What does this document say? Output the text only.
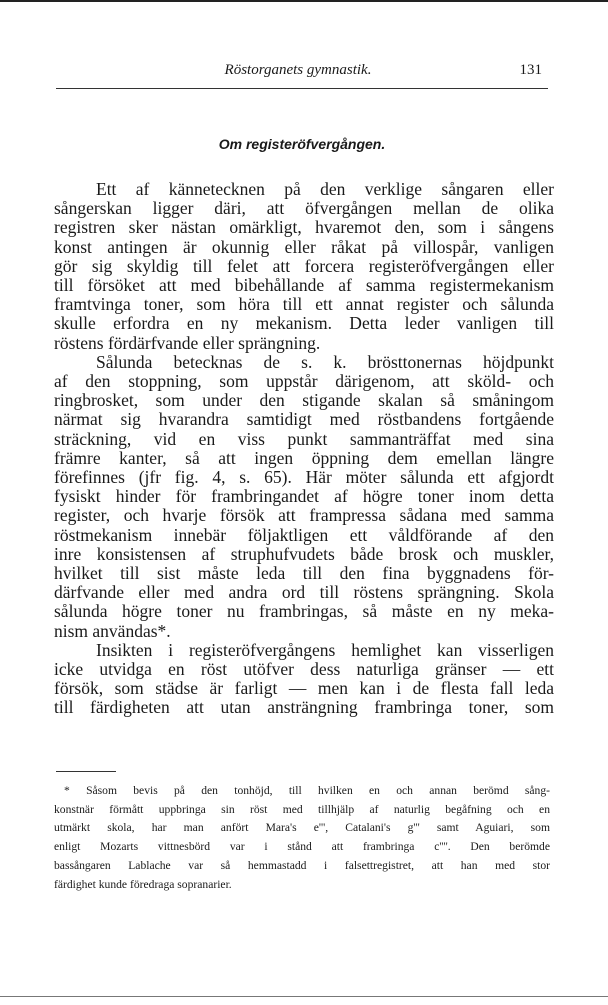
Röstorganets gymnastik.	131
Om registeröfvergången.
Ett af kännetecknen på den verklige sångaren eller
sångerskan ligger däri, att öfvergången mellan de olika
registren sker nästan omärkligt, hvaremot den, som i sångens
konst antingen är okunnig eller råkat på villospår, vanligen
gör sig skyldig till felet att forcera registeröfvergången eller
till försöket att med bibehållande af samma registermekanism
framtvinga toner, som höra till ett annat register och sålunda
skulle erfordra en ny mekanism. Detta leder vanligen till
röstens fördärfvande eller sprängning.
Sålunda betecknas de s. k. brösttonernas höjdpunkt
af den stoppning, som uppstår därigenom, att sköld- och
ringbrosket, som under den stigande skalan så småningom
närmat sig hvarandra samtidigt med röstbandens fortgående
sträckning, vid en viss punkt sammanträffat med sina
främre kanter, så att ingen öppning dem emellan längre
förefinnes (jfr fig. 4, s. 65). Här möter sålunda ett afgjordt
fysiskt hinder för frambringandet af högre toner inom detta
register, och hvarje försök att frampressa sådana med samma
röstmekanism innebär följaktligen ett våldförande af den
inre konsistensen af struphufvudets både brosk och muskler,
hvilket till sist måste leda till den fina byggnadens för-
därfvande eller med andra ord till röstens sprängning. Skola
sålunda högre toner nu frambringas, så måste en ny meka-
nism användas*.
Insikten i registeröfvergångens hemlighet kan visserligen
icke utvidga en röst utöfver dess naturliga gränser — ett
försök, som städse är farligt — men kan i de flesta fall leda
till färdigheten att utan ansträngning frambringa toner, som
* Såsom bevis på den tonhöjd, till hvilken en och annan berömd sång-
konstnär förmått uppbringa sin röst med tillhjälp af naturlig begåfning och en
utmärkt skola, har man anfört Mara's e''', Catalani's g''' samt Aguiari, som
enligt Mozarts vittnesbörd var i stånd att frambringa c''''. Den berömde
bassångaren Lablache var så hemmastadd i falsettregistret, att han med stor
färdighet kunde föredraga sopranarier.
